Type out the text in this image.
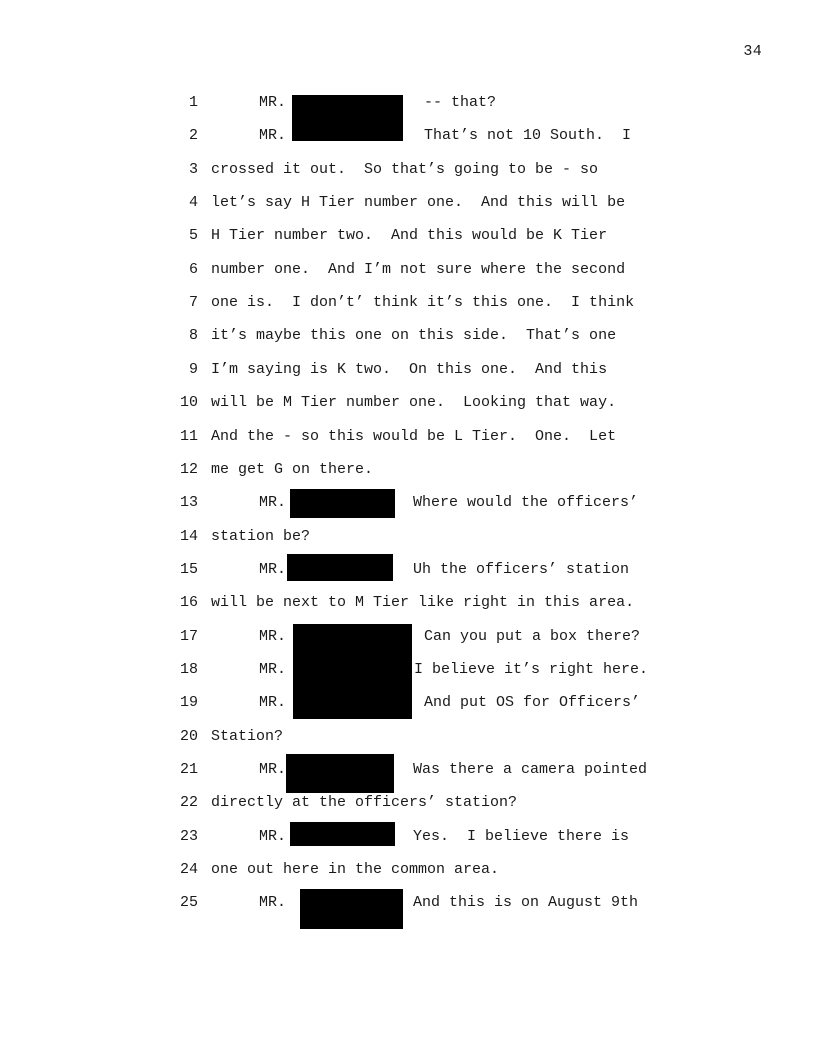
34
1	MR.	-- that?
2	MR.	That’s not 10 South.  I
3 crossed it out.  So that’s going to be - so
4 let’s say H Tier number one.  And this will be
5 H Tier number two.  And this would be K Tier
6 number one.  And I’m not sure where the second
7 one is.  I don’t’ think it’s this one.  I think
8 it’s maybe this one on this side.  That’s one
9 I’m saying is K two.  On this one.  And this
10 will be M Tier number one.  Looking that way.
11 And the - so this would be L Tier.  One.  Let
12 me get G on there.
13	MR.	Where would the officers’
14 station be?
15	MR.	Uh the officers’ station
16 will be next to M Tier like right in this area.
17	MR.	Can you put a box there?
18	MR.	I believe it’s right here.
19	MR.	And put OS for Officers’
20 Station?
21	MR.	Was there a camera pointed
22 directly at the officers’ station?
23	MR.	Yes.  I believe there is
24 one out here in the common area.
25	MR.	And this is on August 9th
